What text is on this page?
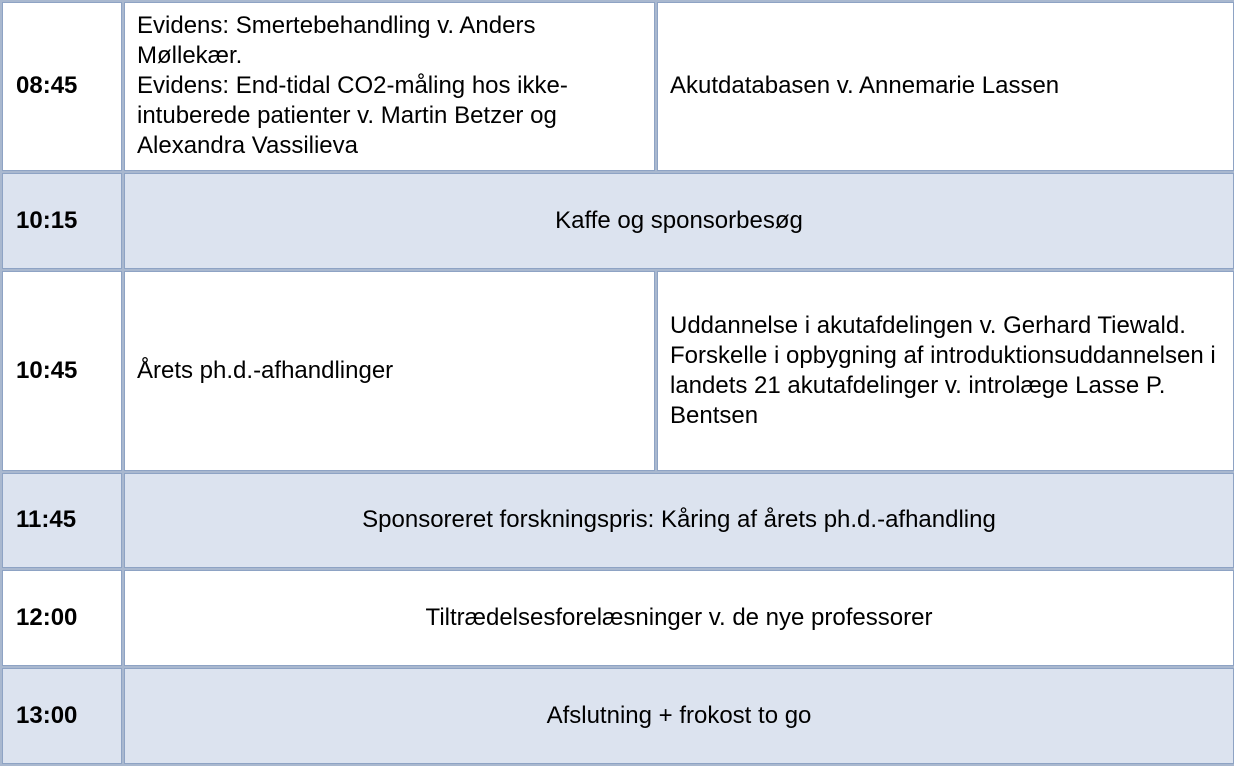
08:45	Evidens: Smertebehandling v. Anders Møllekær.
Evidens: End-tidal CO2-måling hos ikke-intuberede patienter v. Martin Betzer og Alexandra Vassilieva	Akutdatabasen v. Annemarie Lassen

10:15	Kaffe og sponsorbesøg	
10:45	Årets ph.d.-afhandlinger	Uddannelse i akutafdelingen v. Gerhard Tiewald.
Forskelle i opbygning af introduktionsuddannelsen i landets 21 akutafdelinger v. introlæge Lasse P. Bentsen

11:45	Sponsoreret forskningspris: Kåring af årets ph.d.-afhandling	
12:00	Tiltrædelsesforelæsninger v. de nye professorer	
13:00	Afslutning + frokost to go	
